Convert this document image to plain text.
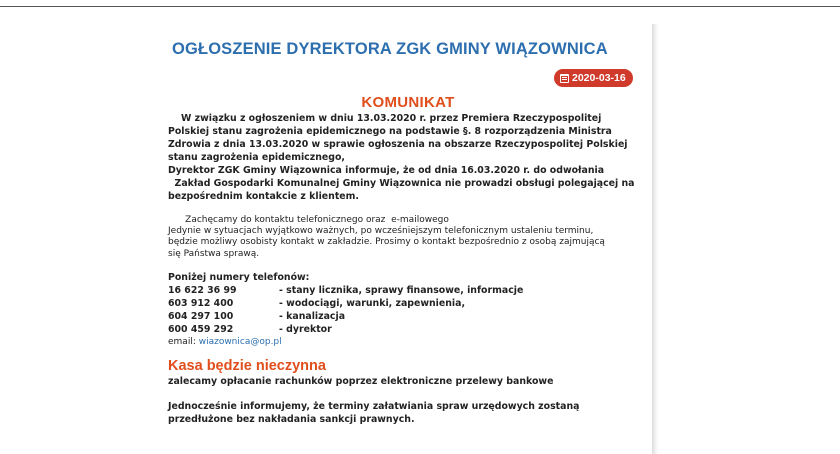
OGŁOSZENIE DYREKTORA ZGK GMINY WIĄZOWNICA
2020-03-16
KOMUNIKAT

W związku z ogłoszeniem w dniu 13.03.2020 r. przez Premiera Rzeczypospolitej

Polskiej stanu zagrożenia epidemicznego na podstawie §. 8 rozporządzenia Ministra

Zdrowia z dnia 13.03.2020 w sprawie ogłoszenia na obszarze Rzeczypospolitej Polskiej

stanu zagrożenia epidemicznego,

Dyrektor ZGK Gminy Wiązownica informuje, że od dnia 16.03.2020 r. do odwołania

Zakład Gospodarki Komunalnej Gminy Wiązownica nie prowadzi obsługi polegającej na

bezpośrednim kontakcie z klientem.

Zachęcamy do kontaktu telefonicznego oraz  e-mailowego

Jedynie w sytuacjach wyjątkowo ważnych, po wcześniejszym telefonicznym ustaleniu terminu,

będzie możliwy osobisty kontakt w zakładzie. Prosimy o kontakt bezpośrednio z osobą zajmującą

się Państwa sprawą.

Poniżej numery telefonów:

16 622 36 99	- stany licznika, sprawy finansowe, informacje
603 912 400	- wodociągi, warunki, zapewnienia,
604 297 100	- kanalizacja
600 459 292	- dyrektor

email: wiazownica@op.pl

Kasa będzie nieczynna

zalecamy opłacanie rachunków poprzez elektroniczne przelewy bankowe

Jednocześnie informujemy, że terminy załatwiania spraw urzędowych zostaną

przedłużone bez nakładania sankcji prawnych.
